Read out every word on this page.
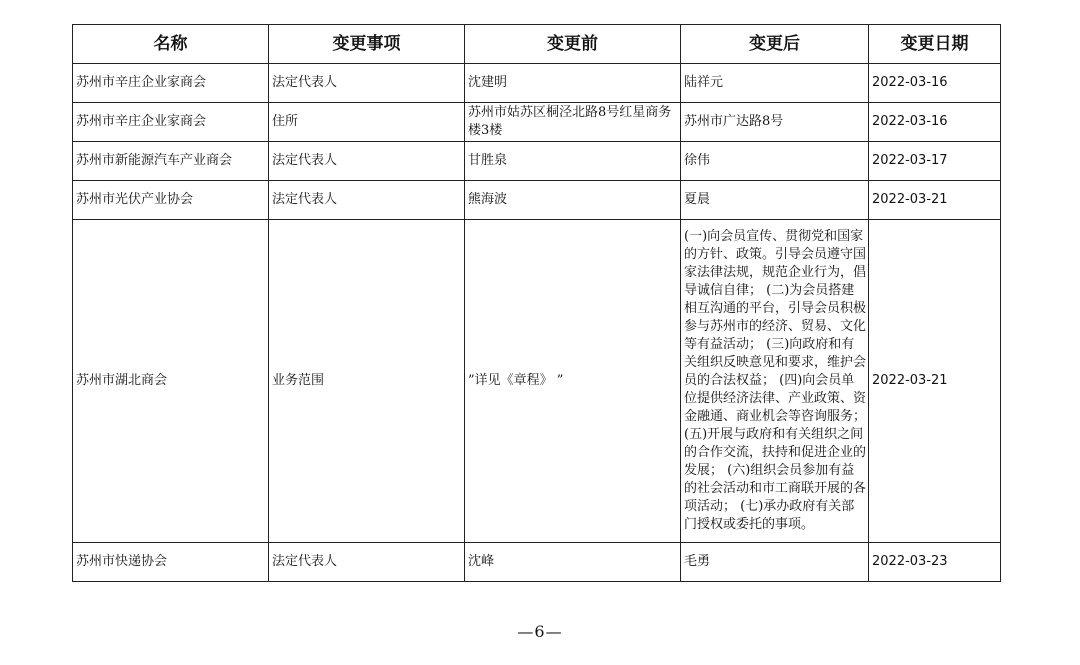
名称	变更事项	变更前	变更后	变更日期
苏州市辛庄企业家商会	法定代表人	沈建明	陆祥元	2022-03-16
苏州市辛庄企业家商会	住所	苏州市姑苏区桐泾北路8号红星商务楼3楼	苏州市广达路8号	2022-03-16
苏州市新能源汽车产业商会	法定代表人	甘胜泉	徐伟	2022-03-17
苏州市光伏产业协会	法定代表人	熊海波	夏晨	2022-03-21
苏州市湖北商会	业务范围	”详见《章程》 ”	(一)向会员宣传、贯彻党和国家的方针、政策。引导会员遵守国家法律法规，规范企业行为，倡导诚信自律； (二)为会员搭建相互沟通的平台，引导会员积极参与苏州市的经济、贸易、文化等有益活动； (三)向政府和有关组织反映意见和要求，维护会员的合法权益； (四)向会员单位提供经济法律、产业政策、资金融通、商业机会等咨询服务； (五)开展与政府和有关组织之间的合作交流，扶持和促进企业的发展； (六)组织会员参加有益的社会活动和市工商联开展的各项活动； (七)承办政府有关部门授权或委托的事项。	2022-03-21
苏州市快递协会	法定代表人	沈峰	毛勇	2022-03-23
—6—
